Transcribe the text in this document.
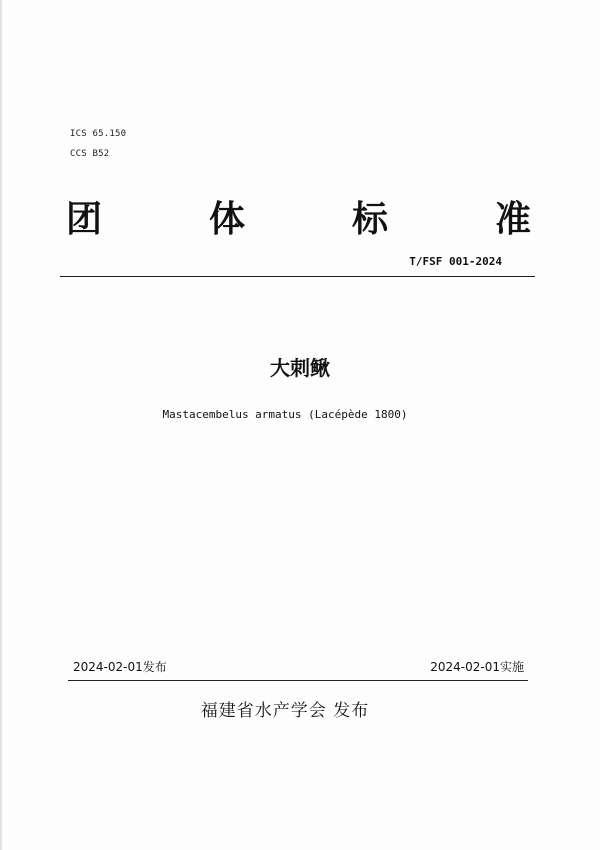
ICS 65.150
CCS B52
团	体	标	准
T/FSF 001-2024
大刺鳅
Mastacembelus armatus (Lacépède 1800)
2024-02-01发布	2024-02-01实施
福建省水产学会 发布
